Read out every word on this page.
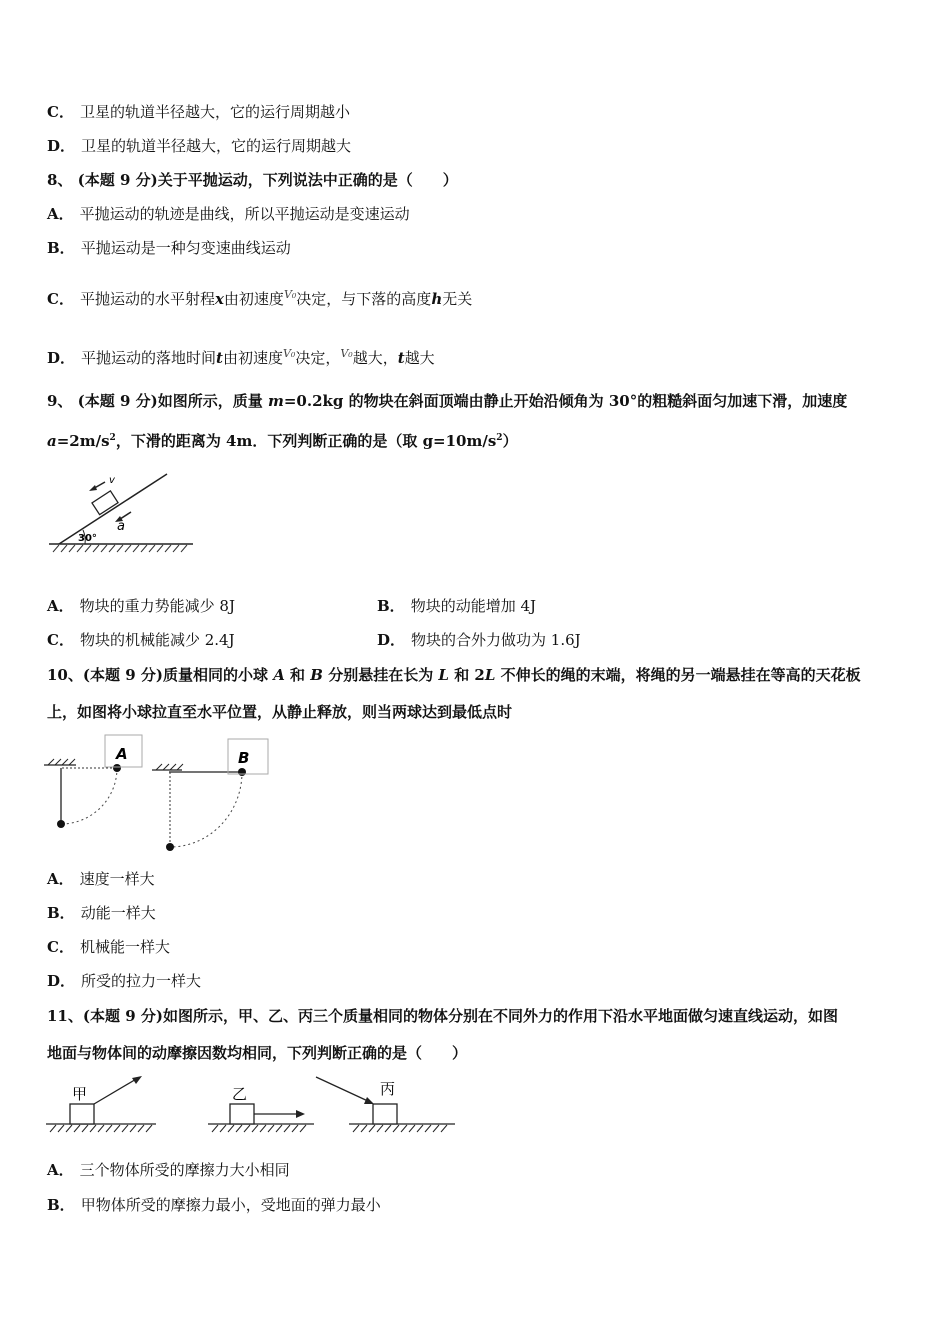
C． 卫星的轨道半径越大，它的运行周期越小
D． 卫星的轨道半径越大，它的运行周期越大
8、 (本题 9 分)关于平抛运动，下列说法中正确的是（　　）
A． 平抛运动的轨迹是曲线，所以平抛运动是变速运动
B． 平抛运动是一种匀变速曲线运动
C． 平抛运动的水平射程x由初速度$^{V_0}$决定，与下落的高度h无关
D． 平抛运动的落地时间t由初速度$^{V_0}$决定，$^{V_0}$越大，t越大
9、 (本题 9 分)如图所示，质量 m=0.2kg 的物块在斜面顶端由静止开始沿倾角为 30°的粗糙斜面匀加速下滑，加速度
$a=2m/s^2$，下滑的距离为 4m．下列判断正确的是（取 $g=10m/s^2$）
30°
v
a
A． 物块的重力势能减少 8J	B． 物块的动能增加 4J
C． 物块的机械能减少 2.4J	D． 物块的合外力做功为 1.6J
10、(本题 9 分)质量相同的小球 A 和 B 分别悬挂在长为 L 和 2L 不伸长的绳的末端，将绳的另一端悬挂在等高的天花板
上，如图将小球拉直至水平位置，从静止释放，则当两球达到最低点时
A	B
A． 速度一样大
B． 动能一样大
C． 机械能一样大
D． 所受的拉力一样大
11、(本题 9 分)如图所示，甲、乙、丙三个质量相同的物体分别在不同外力的作用下沿水平地面做匀速直线运动，如图
地面与物体间的动摩擦因数均相同，下列判断正确的是（　　）
甲	乙	丙
A． 三个物体所受的摩擦力大小相同
B． 甲物体所受的摩擦力最小，受地面的弹力最小
